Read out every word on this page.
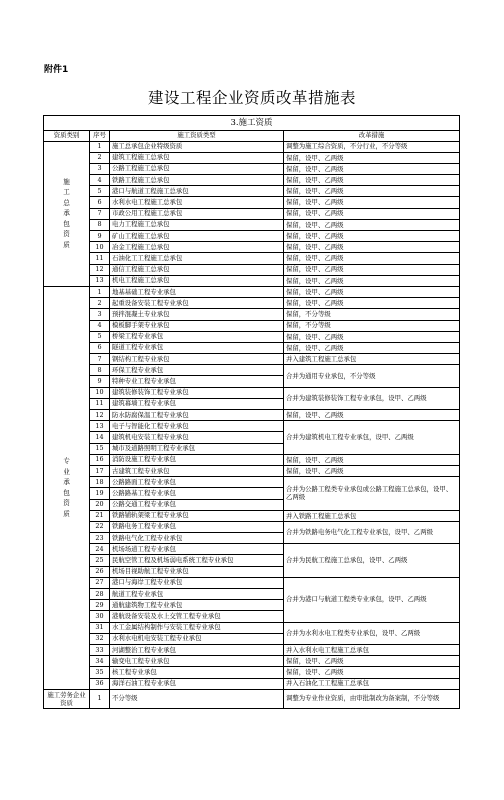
附件1
建设工程企业资质改革措施表
3.施工资质			
资质类别	序号	施工资质类型	改革措施

施工总承包资质	1	施工总承包企业特级资质	调整为施工综合资质，不分行业，不分等级
	2	建筑工程施工总承包	保留，设甲、乙两级
	3	公路工程施工总承包	保留，设甲、乙两级
	4	铁路工程施工总承包	保留，设甲、乙两级
	5	港口与航道工程施工总承包	保留，设甲、乙两级
	6	水利水电工程施工总承包	保留，设甲、乙两级
	7	市政公用工程施工总承包	保留，设甲、乙两级
	8	电力工程施工总承包	保留，设甲、乙两级
	9	矿山工程施工总承包	保留，设甲、乙两级
	10	冶金工程施工总承包	保留，设甲、乙两级
	11	石油化工工程施工总承包	保留，设甲、乙两级
	12	通信工程施工总承包	保留，设甲、乙两级
	13	机电工程施工总承包	保留，设甲、乙两级

专业承包资质	1	地基基础工程专业承包	保留，设甲、乙两级
	2	起重设备安装工程专业承包	保留，设甲、乙两级
	3	预拌混凝土专业承包	保留，不分等级
	4	模板脚手架专业承包	保留，不分等级
	5	桥梁工程专业承包	保留，设甲、乙两级
	6	隧道工程专业承包	保留，设甲、乙两级
	7	钢结构工程专业承包	并入建筑工程施工总承包
	8	环保工程专业承包	合并为通用专业承包，不分等级
	9	特种专业工程专业承包	
	10	建筑装修装饰工程专业承包	合并为建筑装修装饰工程专业承包，设甲、乙两级
	11	建筑幕墙工程专业承包	
	12	防水防腐保温工程专业承包	保留，设甲、乙两级
	13	电子与智能化工程专业承包	合并为建筑机电工程专业承包，设甲、乙两级
	14	建筑机电安装工程专业承包	
	15	城市及道路照明工程专业承包	
	16	消防设施工程专业承包	保留，设甲、乙两级
	17	古建筑工程专业承包	保留，设甲、乙两级
	18	公路路面工程专业承包	合并为公路工程类专业承包或公路工程施工总承包，设甲、乙两级
	19	公路路基工程专业承包	
	20	公路交通工程专业承包	
	21	铁路铺轨架梁工程专业承包	并入铁路工程施工总承包
	22	铁路电务工程专业承包	合并为铁路电务电气化工程专业承包，设甲、乙两级
	23	铁路电气化工程专业承包	
	24	机场场道工程专业承包	合并为民航工程施工总承包，设甲、乙两级
	25	民航空管工程及机场弱电系统工程专业承包	
	26	机场目视助航工程专业承包	
	27	港口与海岸工程专业承包	合并为港口与航道工程类专业承包，设甲、乙两级
	28	航道工程专业承包	
	29	通航建筑物工程专业承包	
	30	港航设备安装及水上交管工程专业承包	
	31	水工金属结构制作与安装工程专业承包	合并为水利水电工程类专业承包，设甲、乙两级
	32	水利水电机电安装工程专业承包	
	33	河湖整治工程专业承包	并入水利水电工程施工总承包
	34	输变电工程专业承包	保留，设甲、乙两级
	35	核工程专业承包	保留，设甲、乙两级
	36	海洋石油工程专业承包	并入石油化工工程施工总承包
施工劳务企业资质	1	不分等级	调整为专业作业资质，由审批制改为备案制，不分等级
